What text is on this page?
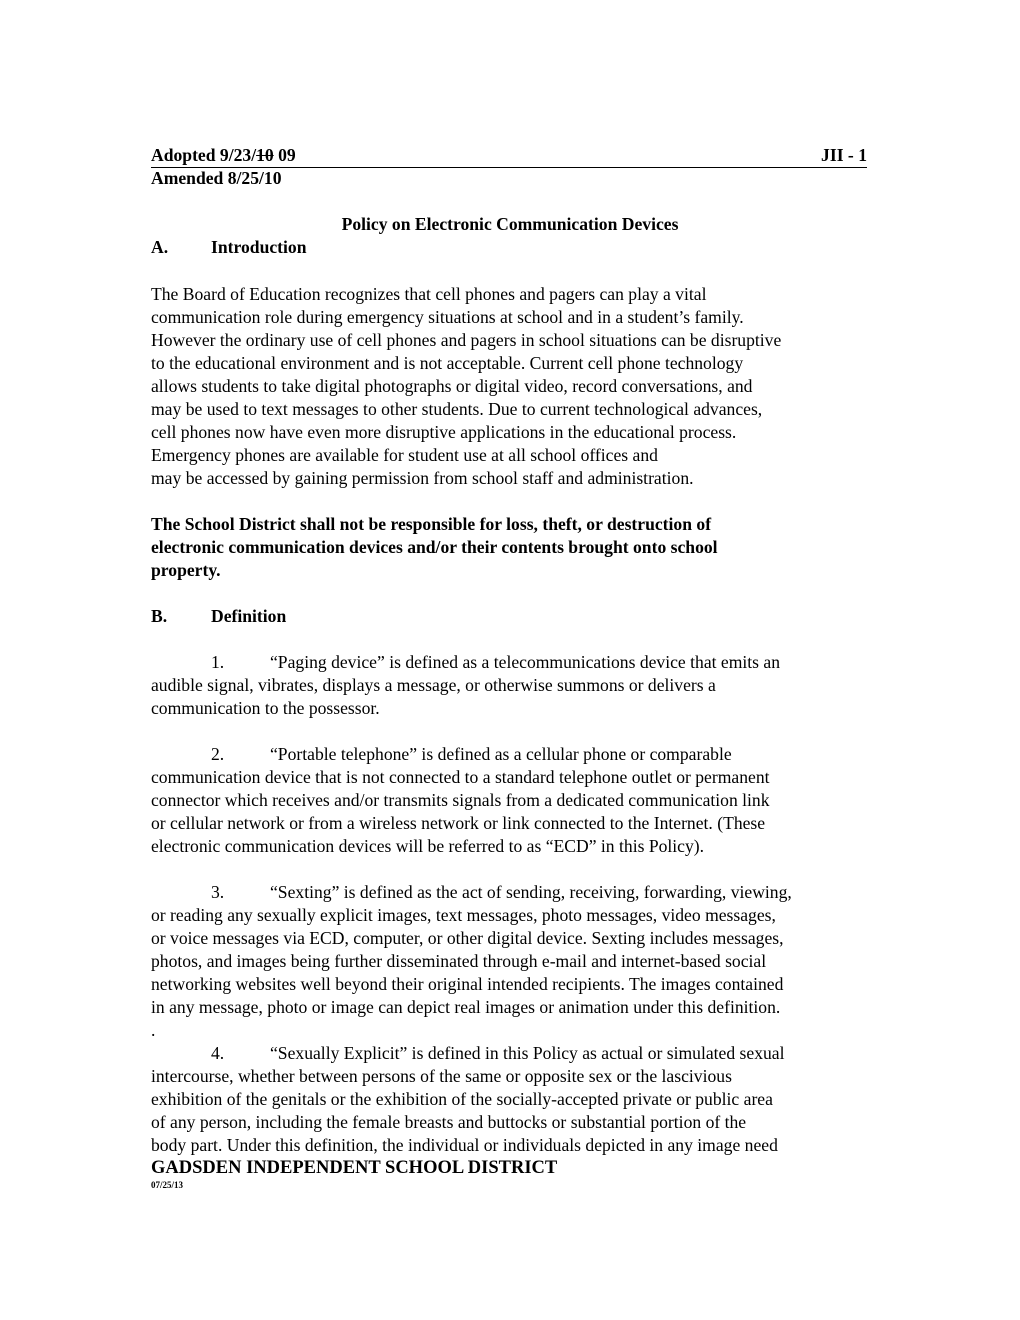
Adopted 9/23/10 09	JII - 1
Amended 8/25/10
Policy on Electronic Communication Devices
A. Introduction
The Board of Education recognizes that cell phones and pagers can play a vital
communication role during emergency situations at school and in a student’s family.
However the ordinary use of cell phones and pagers in school situations can be disruptive
to the educational environment and is not acceptable. Current cell phone technology
allows students to take digital photographs or digital video, record conversations, and
may be used to text messages to other students. Due to current technological advances,
cell phones now have even more disruptive applications in the educational process.
Emergency phones are available for student use at all school offices and
may be accessed by gaining permission from school staff and administration.
The School District shall not be responsible for loss, theft, or destruction of
electronic communication devices and/or their contents brought onto school
property.
B. Definition
1.	“Paging device” is defined as a telecommunications device that emits an
audible signal, vibrates, displays a message, or otherwise summons or delivers a
communication to the possessor.
2.	“Portable telephone” is defined as a cellular phone or comparable
communication device that is not connected to a standard telephone outlet or permanent
connector which receives and/or transmits signals from a dedicated communication link
or cellular network or from a wireless network or link connected to the Internet. (These
electronic communication devices will be referred to as “ECD” in this Policy).
3.	“Sexting” is defined as the act of sending, receiving, forwarding, viewing,
or reading any sexually explicit images, text messages, photo messages, video messages,
or voice messages via ECD, computer, or other digital device. Sexting includes messages,
photos, and images being further disseminated through e-mail and internet-based social
networking websites well beyond their original intended recipients. The images contained
in any message, photo or image can depict real images or animation under this definition.
.
4.	“Sexually Explicit” is defined in this Policy as actual or simulated sexual
intercourse, whether between persons of the same or opposite sex or the lascivious
exhibition of the genitals or the exhibition of the socially-accepted private or public area
of any person, including the female breasts and buttocks or substantial portion of the
body part. Under this definition, the individual or individuals depicted in any image need
GADSDEN INDEPENDENT SCHOOL DISTRICT
07/25/13
